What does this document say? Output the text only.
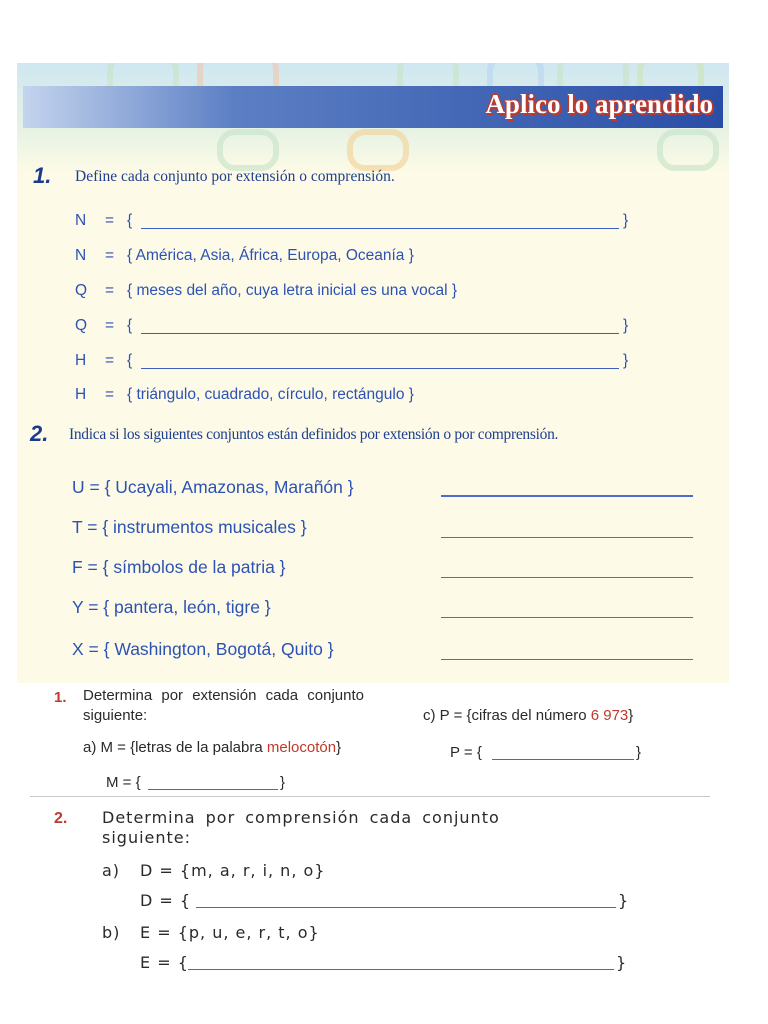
Aplico lo aprendido
1. Define cada conjunto por extensión o comprensión.
N = {	}
N = { América, Asia, África, Europa, Oceanía }
Q = { meses del año, cuya letra inicial es una vocal }
Q = {	}
H = {	}
H = { triángulo, cuadrado, círculo, rectángulo }
2. Indica si los siguientes conjuntos están definidos por extensión o por comprensión.
U = { Ucayali, Amazonas, Marañón }
T = { instrumentos musicales }
F = { símbolos de la patria }
Y = { pantera, león, tigre }
X = { Washington, Bogotá, Quito }
1. Determina por extensión cada conjunto
siguiente:
a) M = {letras de la palabra melocotón}
M = {	}
c) P = {cifras del número 6 973}
P = {	}
2. Determina por comprensión cada conjunto
siguiente:
a) D = {m, a, r, i, n, o}
D = {	}
b) E = {p, u, e, r, t, o}
E = {	}
